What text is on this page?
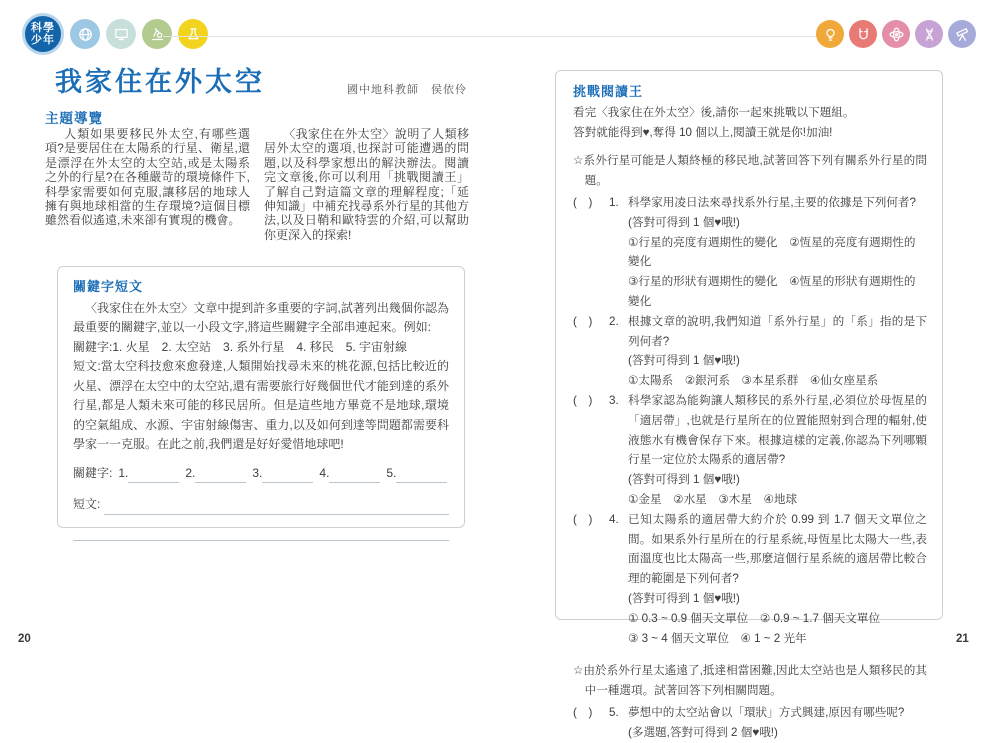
科學
少年
我家住在外太空	國中地科教師　侯依伶
主題導覽
人類如果要移民外太空,有哪些選項?是要居住在太陽系的行星、衛星,還是漂浮在外太空的太空站,或是太陽系之外的行星?在各種嚴苛的環境條件下,科學家需要如何克服,讓移居的地球人擁有與地球相當的生存環境?這個目標雖然看似遙遠,未來卻有實現的機會。
〈我家住在外太空〉說明了人類移居外太空的選項,也探討可能遭遇的問題,以及科學家想出的解決辦法。閱讀完文章後,你可以利用「挑戰閱讀王」了解自己對這篇文章的理解程度;「延伸知識」中補充找尋系外行星的其他方法,以及日鞘和歐特雲的介紹,可以幫助你更深入的探索!
關鍵字短文
〈我家住在外太空〉文章中提到許多重要的字詞,試著列出幾個你認為最重要的關鍵字,並以一小段文字,將這些關鍵字全部串連起來。例如:
關鍵字:1. 火星　2. 太空站　3. 系外行星　4. 移民　5. 宇宙射線
短文:當太空科技愈來愈發達,人類開始找尋未來的桃花源,包括比較近的火星、漂浮在太空中的太空站,還有需要旅行好幾個世代才能到達的系外行星,都是人類未來可能的移民居所。但是這些地方畢竟不是地球,環境的空氣組成、水源、宇宙射線傷害、重力,以及如何到達等問題都需要科學家一一克服。在此之前,我們還是好好愛惜地球吧!
關鍵字: 1.	2.	3.	4.	5.
短文:
20
挑戰閱讀王
看完〈我家住在外太空〉後,請你一起來挑戰以下題組。
答對就能得到♥,奪得 10 個以上,閱讀王就是你!加油!
☆系外行星可能是人類終極的移民地,試著回答下列有關系外行星的問題。
(　)	1. 科學家用凌日法來尋找系外行星,主要的依據是下列何者?
(答對可得到 1 個♥哦!)
①行星的亮度有週期性的變化　②恆星的亮度有週期性的變化
③行星的形狀有週期性的變化　④恆星的形狀有週期性的變化
(　)	2. 根據文章的說明,我們知道「系外行星」的「系」指的是下列何者?
(答對可得到 1 個♥哦!)
①太陽系　②銀河系　③本星系群　④仙女座星系
(　)	3. 科學家認為能夠讓人類移民的系外行星,必須位於母恆星的「適居帶」,也就是行星所在的位置能照射到合理的輻射,使液態水有機會保存下來。根據這樣的定義,你認為下列哪顆行星一定位於太陽系的適居帶?
(答對可得到 1 個♥哦!)
①金星　②水星　③木星　④地球
(　)	4. 已知太陽系的適居帶大約介於 0.99 到 1.7 個天文單位之間。如果系外行星所在的行星系統,母恆星比太陽大一些,表面溫度也比太陽高一些,那麼這個行星系統的適居帶比較合理的範圍是下列何者?
(答對可得到 1 個♥哦!)
① 0.3 ~ 0.9 個天文單位　② 0.9 ~ 1.7 個天文單位
③ 3 ~ 4 個天文單位　④ 1 ~ 2 光年
☆由於系外行星太遙遠了,抵達相當困難,因此太空站也是人類移民的其中一種選項。試著回答下列相關問題。
(　)	5. 夢想中的太空站會以「環狀」方式興建,原因有哪些呢?
(多選題,答對可得到 2 個♥哦!)
21
